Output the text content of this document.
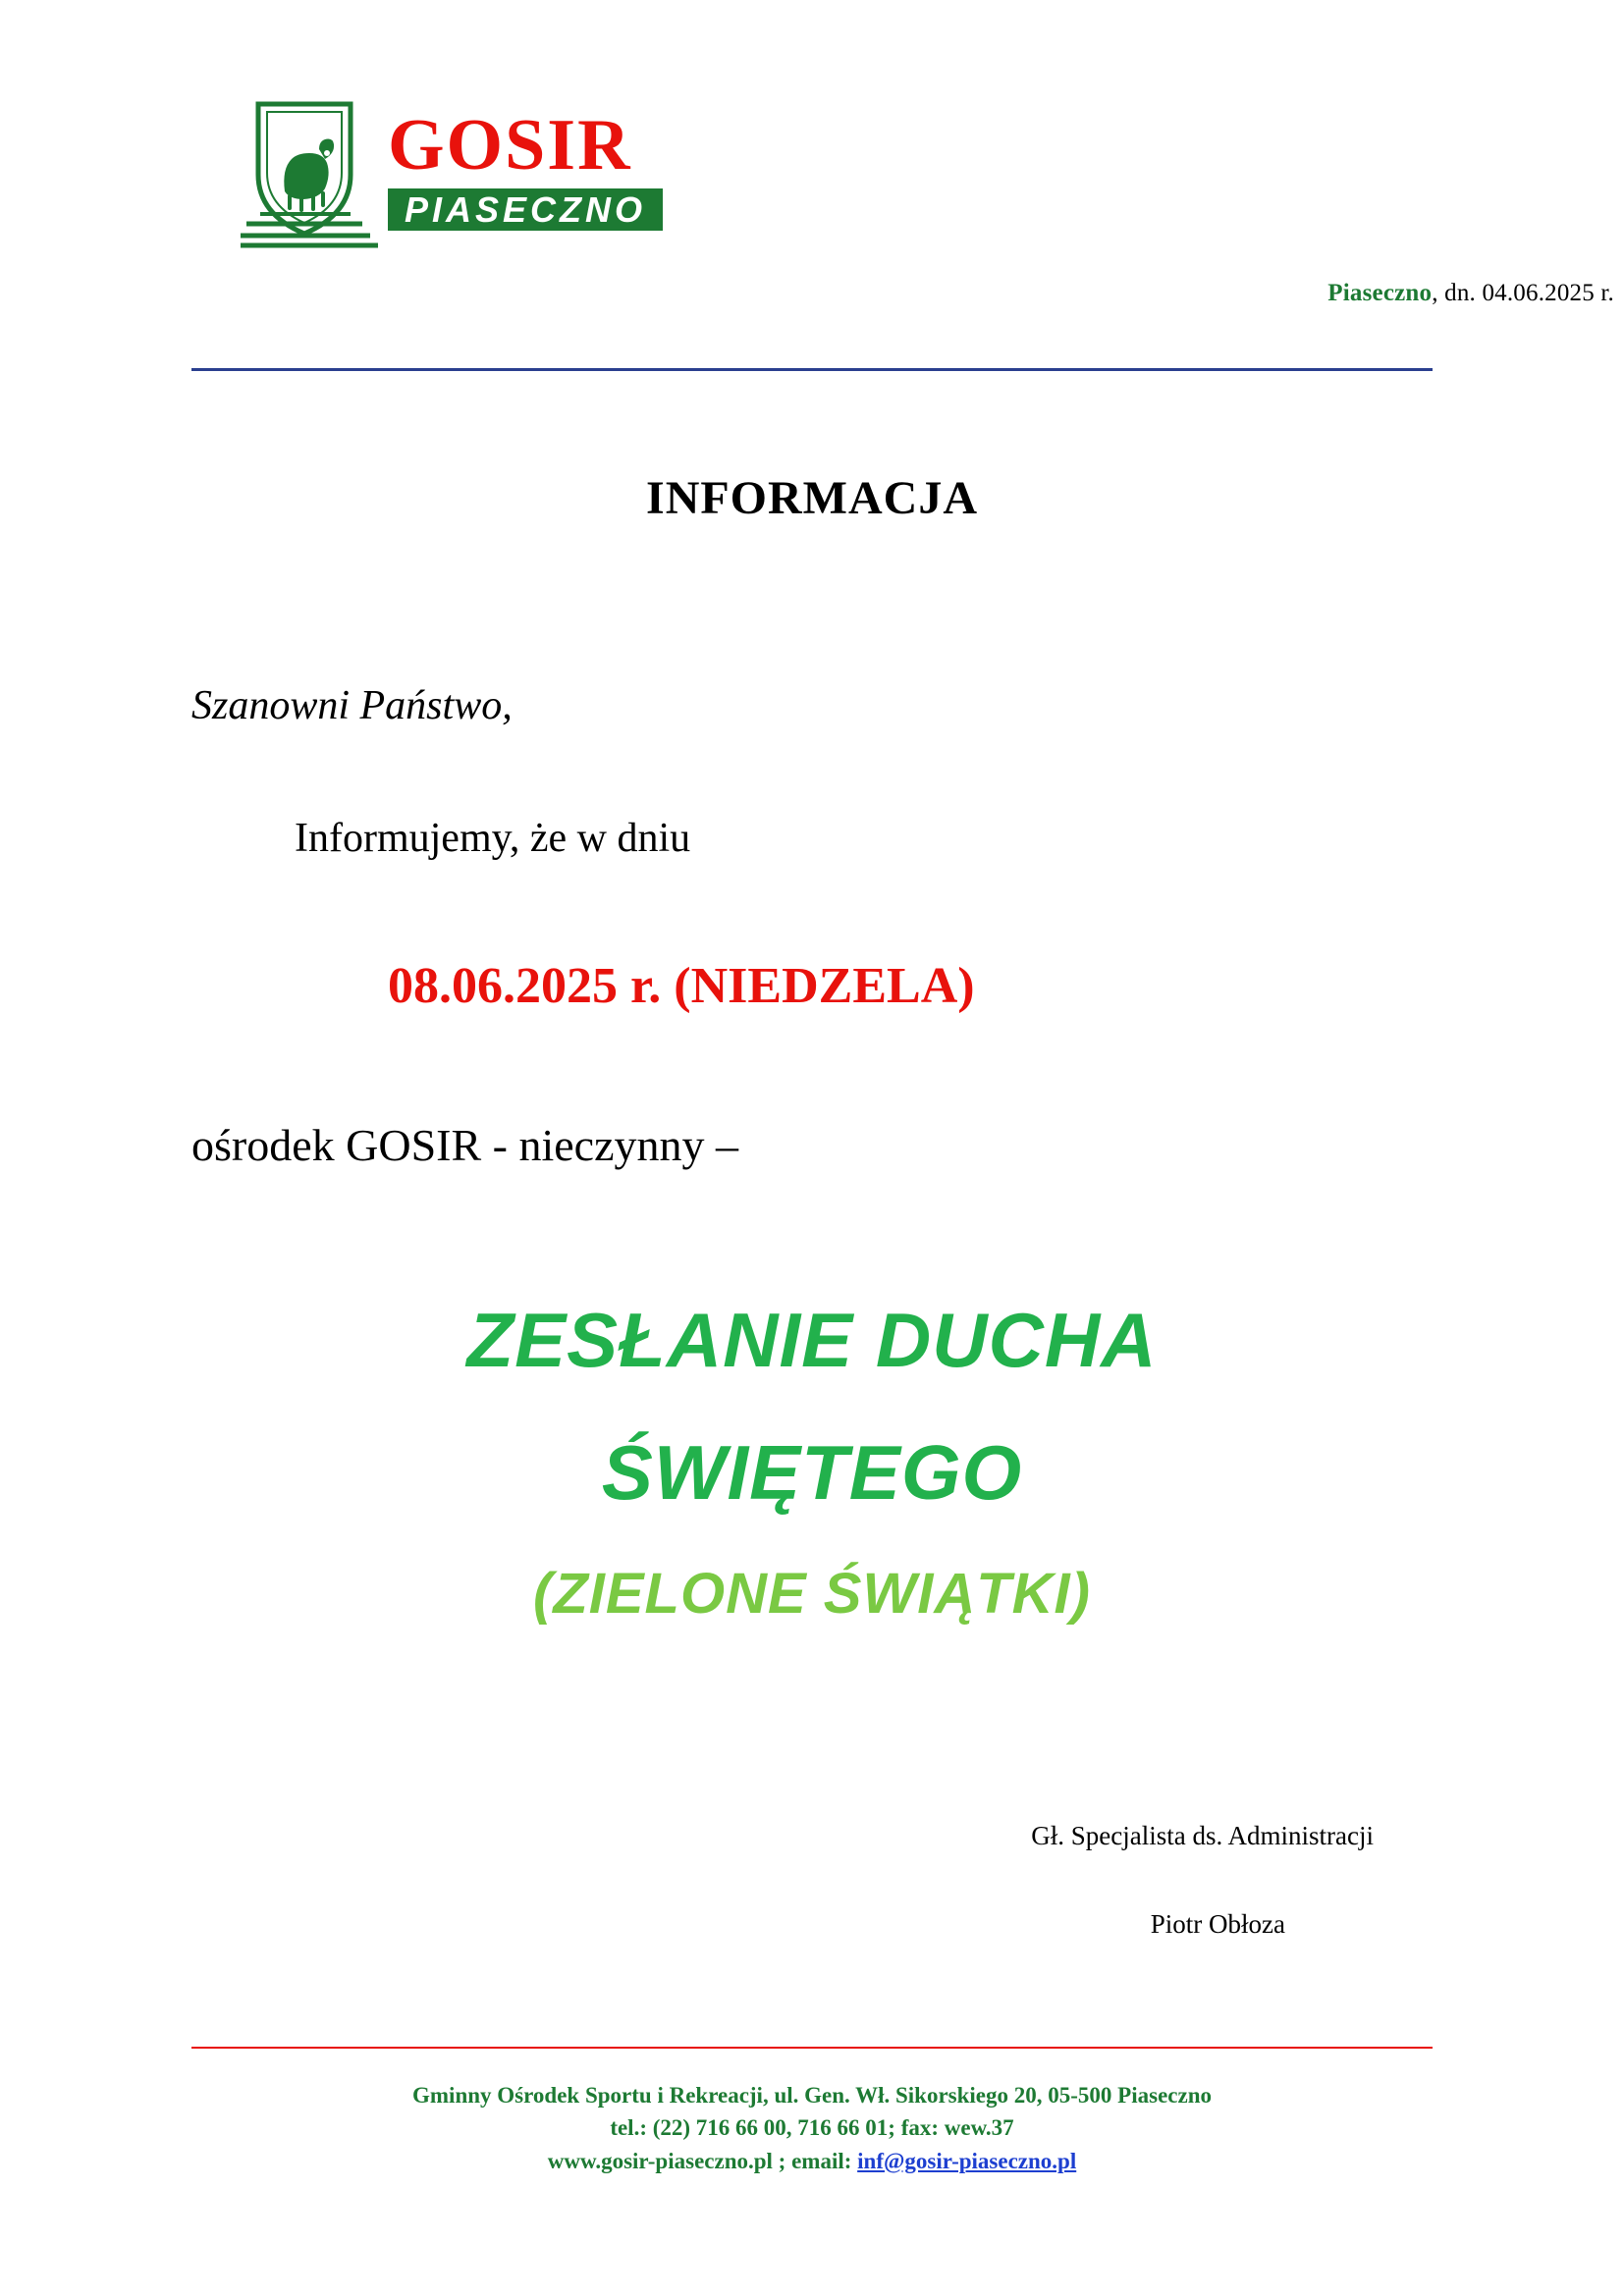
GOSIR
PIASECZNO
Piaseczno, dn. 04.06.2025 r.
INFORMACJA
Szanowni Państwo,
Informujemy, że w dniu
08.06.2025 r. (NIEDZELA)
ośrodek GOSIR - nieczynny –
ZESŁANIE DUCHA
ŚWIĘTEGO
(ZIELONE ŚWIĄTKI)
Gł. Specjalista ds. Administracji
Piotr Obłoza
Gminny Ośrodek Sportu i Rekreacji, ul. Gen. Wł. Sikorskiego 20, 05-500 Piaseczno
tel.: (22) 716 66 00, 716 66 01; fax: wew.37
www.gosir-piaseczno.pl ; email: inf@gosir-piaseczno.pl
